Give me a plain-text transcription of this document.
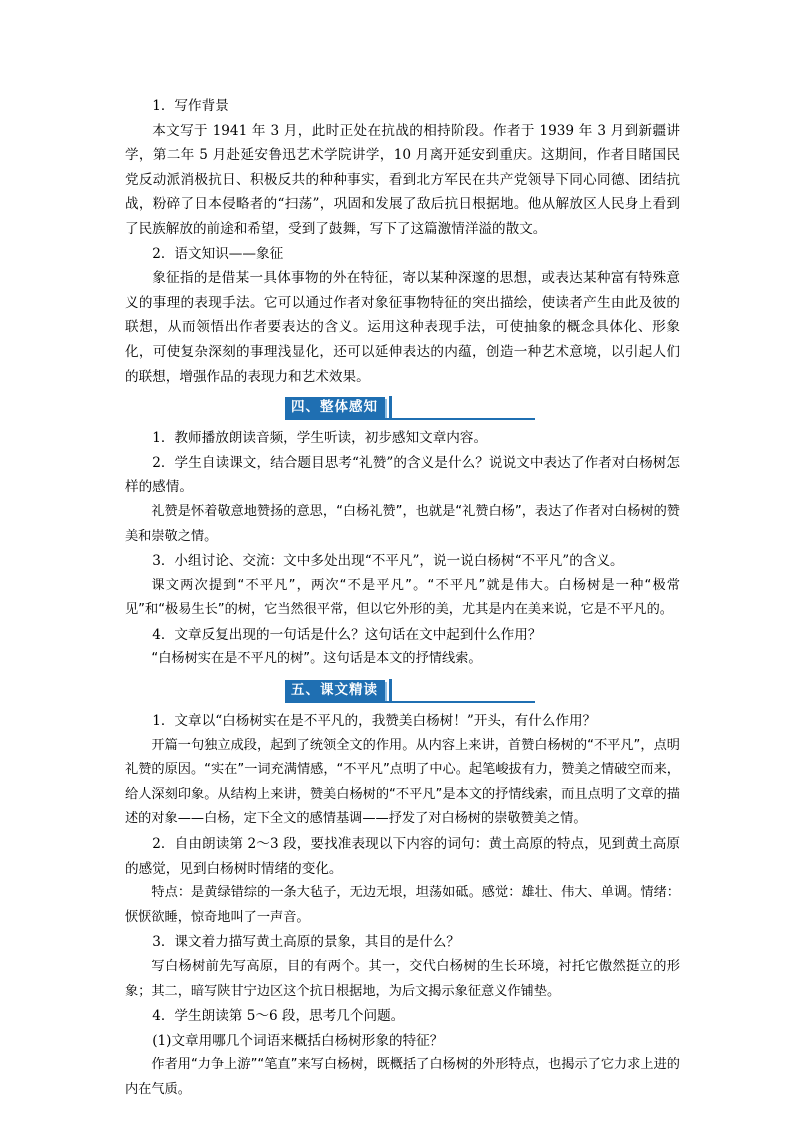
1．写作背景

本文写于 1941 年 3 月，此时正处在抗战的相持阶段。作者于 1939 年 3 月到新疆讲学，第二年 5 月赴延安鲁迅艺术学院讲学，10 月离开延安到重庆。这期间，作者目睹国民党反动派消极抗日、积极反共的种种事实，看到北方军民在共产党领导下同心同德、团结抗战，粉碎了日本侵略者的“扫荡”，巩固和发展了敌后抗日根据地。他从解放区人民身上看到了民族解放的前途和希望，受到了鼓舞，写下了这篇激情洋溢的散文。

2．语文知识——象征

象征指的是借某一具体事物的外在特征，寄以某种深邃的思想，或表达某种富有特殊意义的事理的表现手法。它可以通过作者对象征事物特征的突出描绘，使读者产生由此及彼的联想，从而领悟出作者要表达的含义。运用这种表现手法，可使抽象的概念具体化、形象化，可使复杂深刻的事理浅显化，还可以延伸表达的内蕴，创造一种艺术意境，以引起人们的联想，增强作品的表现力和艺术效果。

四、整体感知

1．教师播放朗读音频，学生听读，初步感知文章内容。

2．学生自读课文，结合题目思考“礼赞”的含义是什么？说说文中表达了作者对白杨树怎样的感情。

礼赞是怀着敬意地赞扬的意思，“白杨礼赞”，也就是“礼赞白杨”，表达了作者对白杨树的赞美和崇敬之情。

3．小组讨论、交流：文中多处出现“不平凡”，说一说白杨树“不平凡”的含义。

课文两次提到“不平凡”，两次“不是平凡”。“不平凡”就是伟大。白杨树是一种“极常见”和“极易生长”的树，它当然很平常，但以它外形的美，尤其是内在美来说，它是不平凡的。

4．文章反复出现的一句话是什么？这句话在文中起到什么作用？

“白杨树实在是不平凡的树”。这句话是本文的抒情线索。

五、课文精读

1．文章以“白杨树实在是不平凡的，我赞美白杨树！”开头，有什么作用？

开篇一句独立成段，起到了统领全文的作用。从内容上来讲，首赞白杨树的“不平凡”，点明礼赞的原因。“实在”一词充满情感，“不平凡”点明了中心。起笔峻拔有力，赞美之情破空而来，给人深刻印象。从结构上来讲，赞美白杨树的“不平凡”是本文的抒情线索，而且点明了文章的描述的对象——白杨，定下全文的感情基调——抒发了对白杨树的崇敬赞美之情。

2．自由朗读第 2～3 段，要找准表现以下内容的词句：黄土高原的特点，见到黄土高原的感觉，见到白杨树时情绪的变化。

特点：是黄绿错综的一条大毡子，无边无垠，坦荡如砥。感觉：雄壮、伟大、单调。情绪：恹恹欲睡，惊奇地叫了一声音。

3．课文着力描写黄土高原的景象，其目的是什么？

写白杨树前先写高原，目的有两个。其一，交代白杨树的生长环境，衬托它傲然挺立的形象；其二，暗写陕甘宁边区这个抗日根据地，为后文揭示象征意义作铺垫。

4．学生朗读第 5～6 段，思考几个问题。

(1)文章用哪几个词语来概括白杨树形象的特征？

作者用“力争上游”“笔直”来写白杨树，既概括了白杨树的外形特点，也揭示了它力求上进的内在气质。
